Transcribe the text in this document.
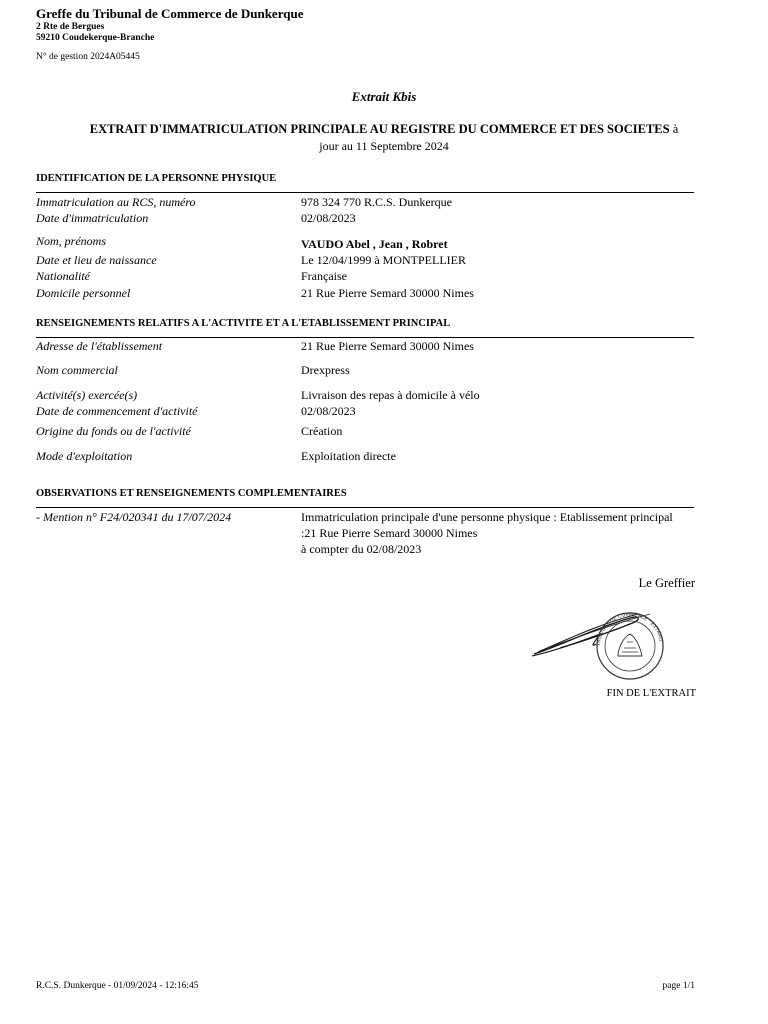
Greffe du Tribunal de Commerce de Dunkerque
2 Rte de Bergues
59210 Coudekerque-Branche
N° de gestion 2024A05445
Extrait Kbis
EXTRAIT D'IMMATRICULATION PRINCIPALE AU REGISTRE DU COMMERCE ET DES SOCIETES à
jour au 11 Septembre 2024
IDENTIFICATION DE LA PERSONNE PHYSIQUE
Immatriculation au RCS, numéro	978 324 770 R.C.S. Dunkerque
Date d'immatriculation	02/08/2023
Nom, prénoms	VAUDO Abel , Jean , Robret
Date et lieu de naissance	Le 12/04/1999 à MONTPELLIER
Nationalité	Française
Domicile personnel	21 Rue Pierre Semard 30000 Nimes
RENSEIGNEMENTS RELATIFS A L'ACTIVITE ET A L'ETABLISSEMENT PRINCIPAL
Adresse de l'établissement	21 Rue Pierre Semard 30000 Nimes
Nom commercial	Drexpress
Activité(s) exercée(s)	Livraison des repas à domicile à vélo
Date de commencement d'activité	02/08/2023
Origine du fonds ou de l'activité	Création
Mode d'exploitation	Exploitation directe
OBSERVATIONS ET RENSEIGNEMENTS COMPLEMENTAIRES
- Mention n° F24/020341 du 17/07/2024	Immatriculation principale d'une personne physique : Etablissement principal
:21 Rue Pierre Semard 30000 Nimes
à compter du 02/08/2023
Le Greffier
TRIBUNAL DE COMMERCE · EXTRAIT
FIN DE L'EXTRAIT
R.C.S. Dunkerque - 01/09/2024 - 12:16:45	page 1/1
